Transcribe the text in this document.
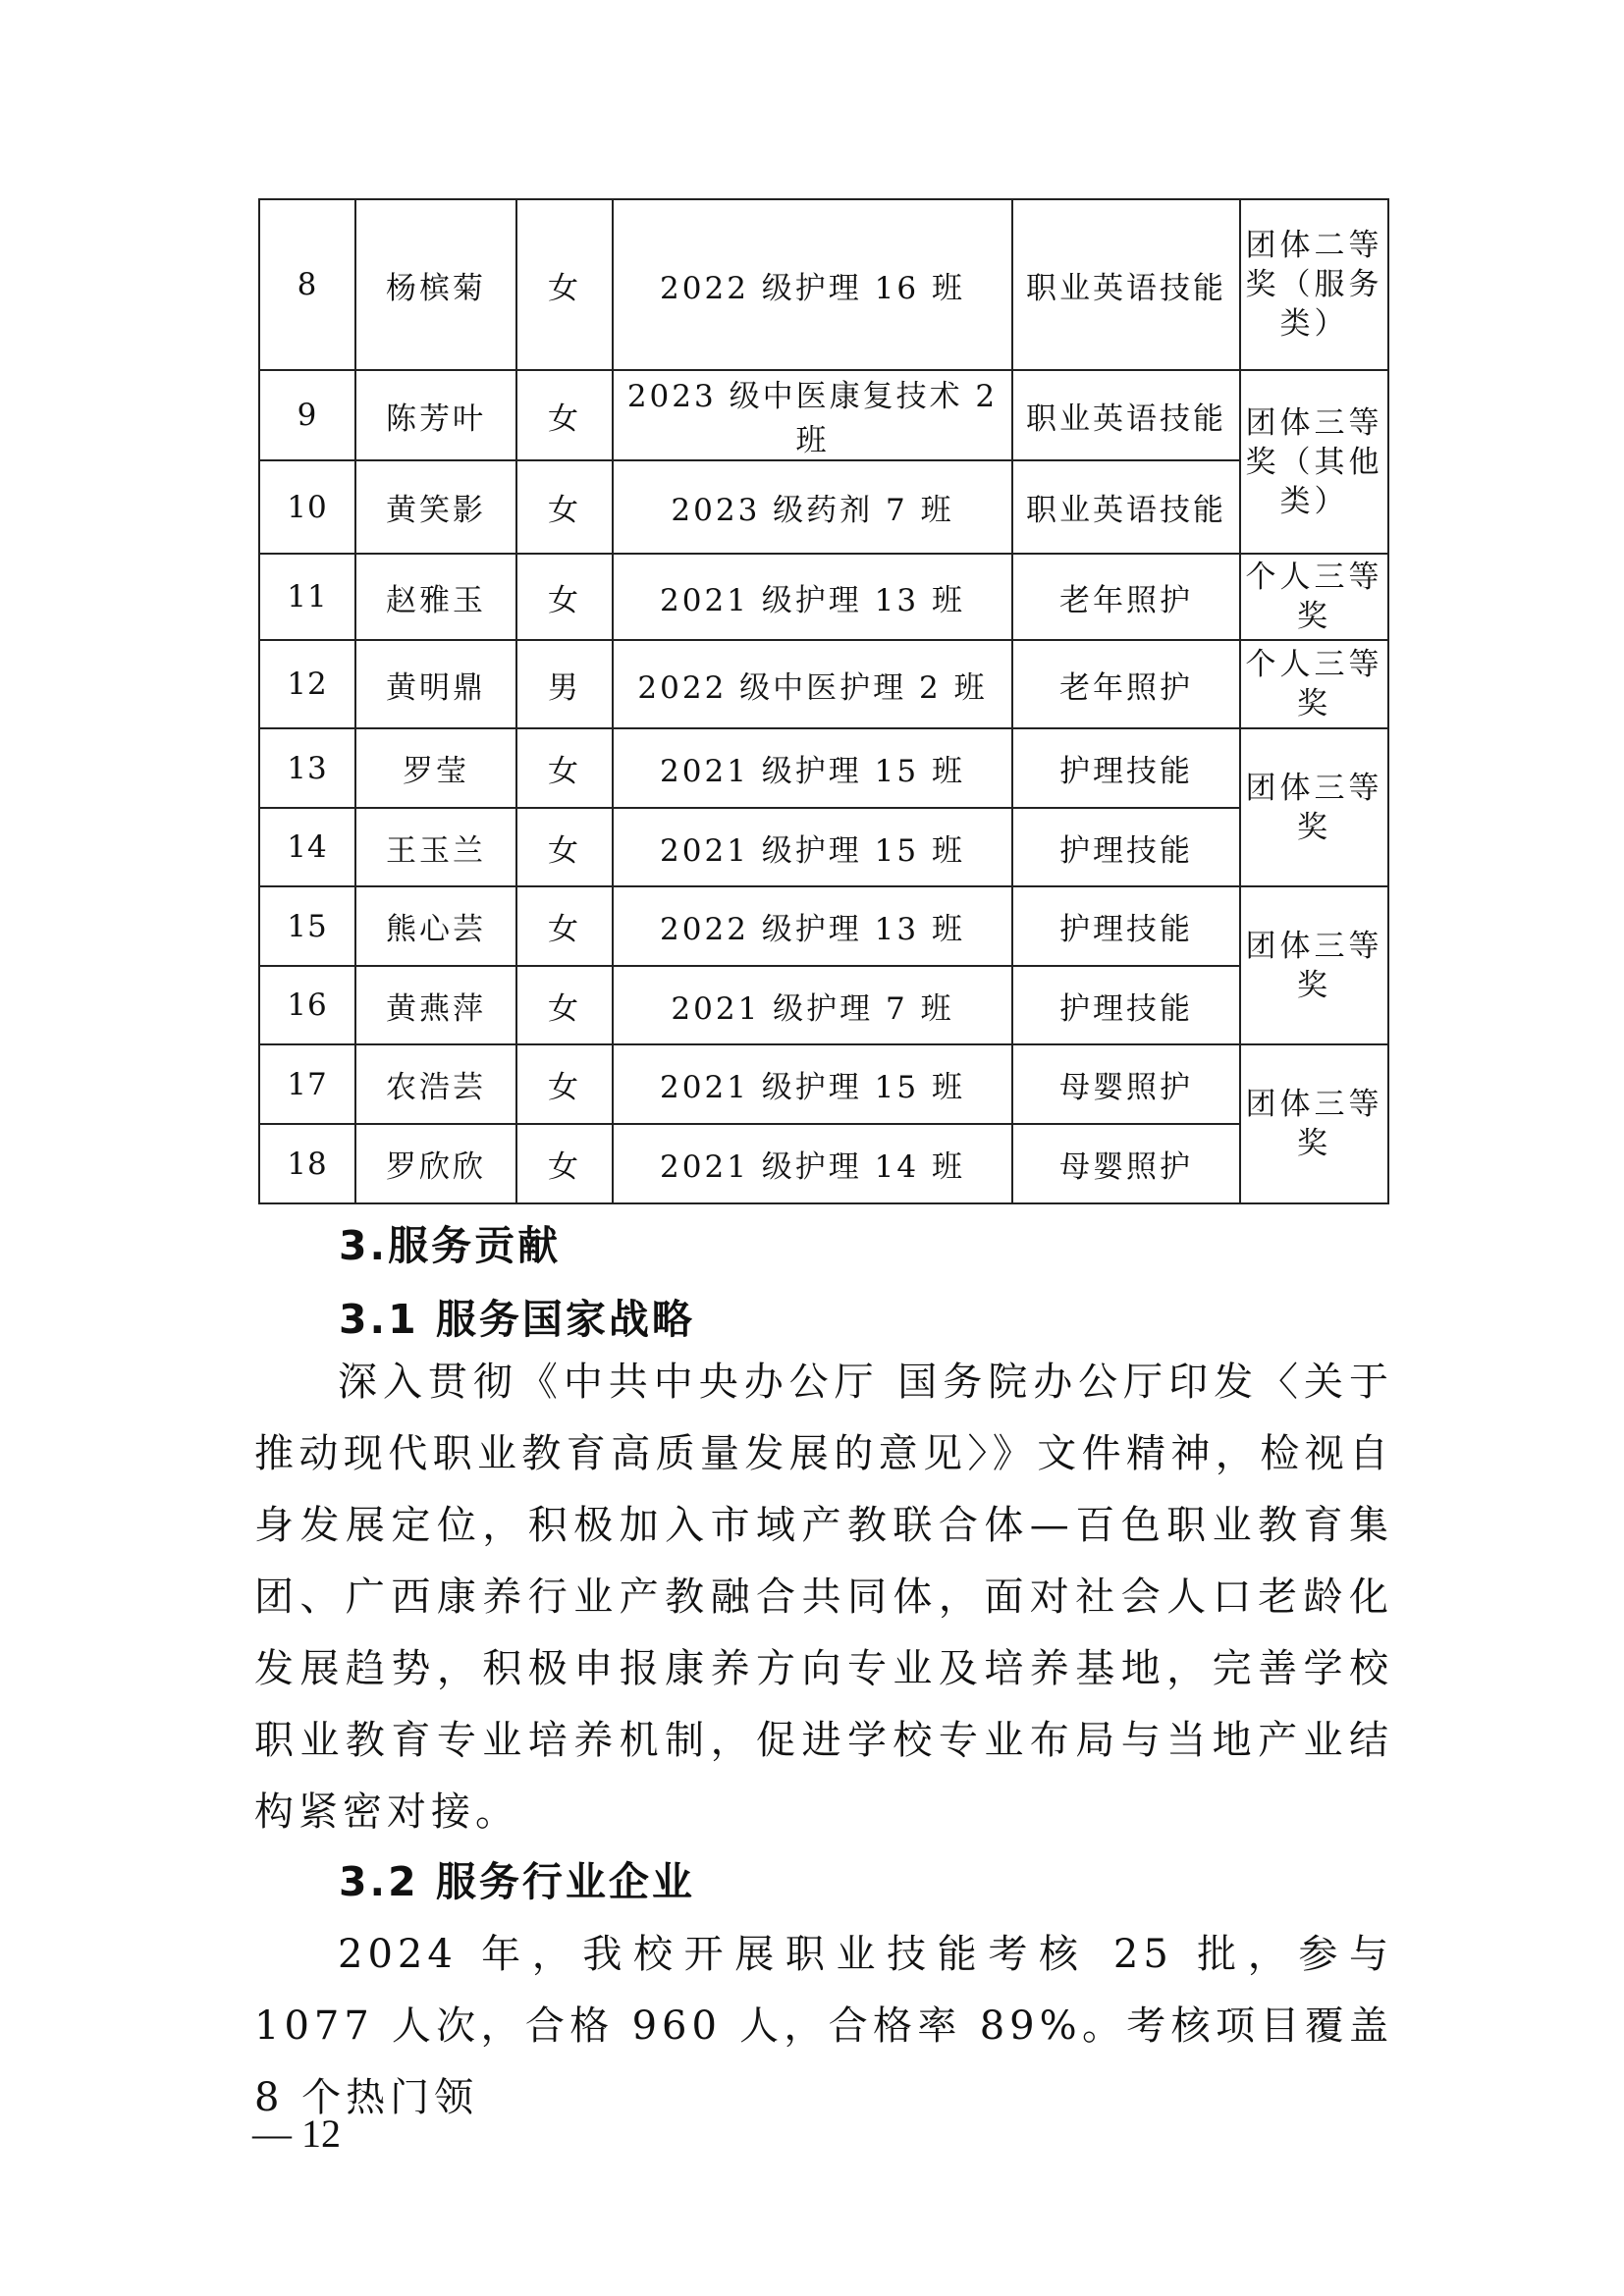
8	杨槟菊	女	2022 级护理 16 班	职业英语技能	团体二等奖（服务类）
9	陈芳叶	女	2023 级中医康复技术 2 班	职业英语技能	团体三等奖（其他类）
10	黄笑影	女	2023 级药剂 7 班	职业英语技能	
11	赵雅玉	女	2021 级护理 13 班	老年照护	个人三等奖
12	黄明鼎	男	2022 级中医护理 2 班	老年照护	个人三等奖
13	罗莹	女	2021 级护理 15 班	护理技能	团体三等奖
14	王玉兰	女	2021 级护理 15 班	护理技能	
15	熊心芸	女	2022 级护理 13 班	护理技能	团体三等奖
16	黄燕萍	女	2021 级护理 7 班	护理技能	
17	农浩芸	女	2021 级护理 15 班	母婴照护	团体三等奖
18	罗欣欣	女	2021 级护理 14 班	母婴照护	
3.服务贡献
3.1 服务国家战略
深入贯彻《中共中央办公厅 国务院办公厅印发〈关于推动现代职业教育高质量发展的意见〉》文件精神，检视自身发展定位，积极加入市域产教联合体—百色职业教育集团、广西康养行业产教融合共同体，面对社会人口老龄化发展趋势，积极申报康养方向专业及培养基地，完善学校职业教育专业培养机制，促进学校专业布局与当地产业结构紧密对接。
3.2 服务行业企业
2024 年，我校开展职业技能考核 25 批，参与 1077 人次，合格 960 人，合格率 89%。考核项目覆盖 8 个热门领
— 12
